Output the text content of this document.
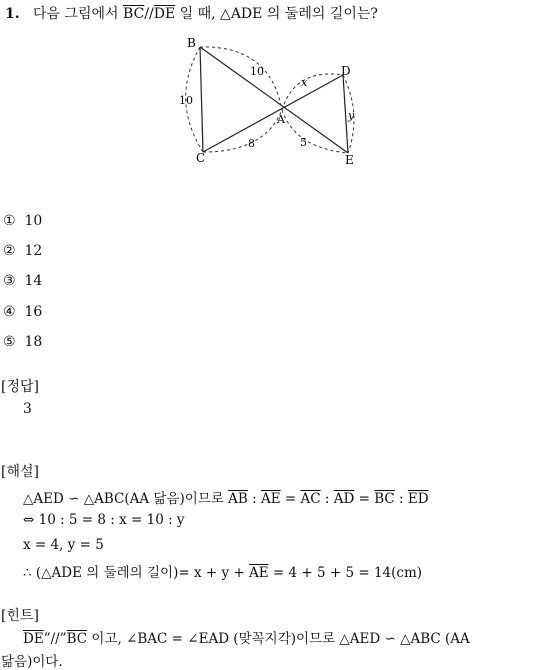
1. 다음 그림에서 $\overline{BC}//\overline{DE}$ 일 때, △ADE 의 둘레의 길이는?
B
C
A
D
E
10
10
8
x
y
5
① 10
② 12
③ 14
④ 16
⑤ 18
[정답]
3
[해설]
△AED ∽ △ABC(AA 닮음)이므로 $\overline{AB}$ : $\overline{AE} = \overline{AC}$ : $\overline{AD} = \overline{BC}$ : $\overline{ED}$
⇔ 10 : 5 = 8 : x = 10 : y
x = 4, y = 5
∴ (△ADE 의 둘레의 길이)= $x + y + \overline{AE} = 4 + 5 + 5 = 14(cm)$
[힌트]
$\overline{DE}”//”\overline{BC}$ 이고, ∠BAC = ∠EAD (맞꼭지각)이므로 △AED ∽ △ABC (AA
닮음)이다.
